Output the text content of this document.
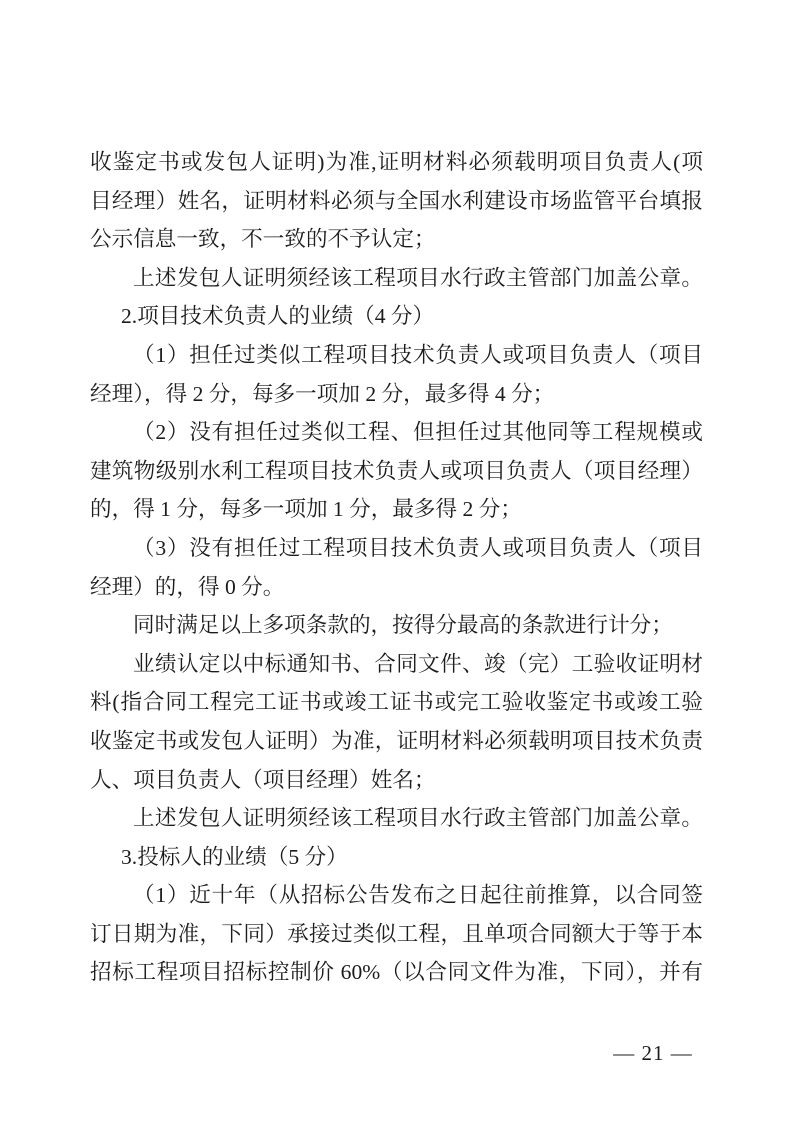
收鉴定书或发包人证明)为准,证明材料必须载明项目负责人(项
目经理）姓名，证明材料必须与全国水利建设市场监管平台填报
公示信息一致，不一致的不予认定；
上述发包人证明须经该工程项目水行政主管部门加盖公章。
2.项目技术负责人的业绩（4 分）
（1）担任过类似工程项目技术负责人或项目负责人（项目
经理），得 2 分，每多一项加 2 分，最多得 4 分；
（2）没有担任过类似工程、但担任过其他同等工程规模或
建筑物级别水利工程项目技术负责人或项目负责人（项目经理）
的，得 1 分，每多一项加 1 分，最多得 2 分；
（3）没有担任过工程项目技术负责人或项目负责人（项目
经理）的，得 0 分。
同时满足以上多项条款的，按得分最高的条款进行计分；
业绩认定以中标通知书、合同文件、竣（完）工验收证明材
料(指合同工程完工证书或竣工证书或完工验收鉴定书或竣工验
收鉴定书或发包人证明）为准，证明材料必须载明项目技术负责
人、项目负责人（项目经理）姓名；
上述发包人证明须经该工程项目水行政主管部门加盖公章。
3.投标人的业绩（5 分）
（1）近十年（从招标公告发布之日起往前推算，以合同签
订日期为准，下同）承接过类似工程，且单项合同额大于等于本
招标工程项目招标控制价 60%（以合同文件为准，下同），并有
— 21 —
